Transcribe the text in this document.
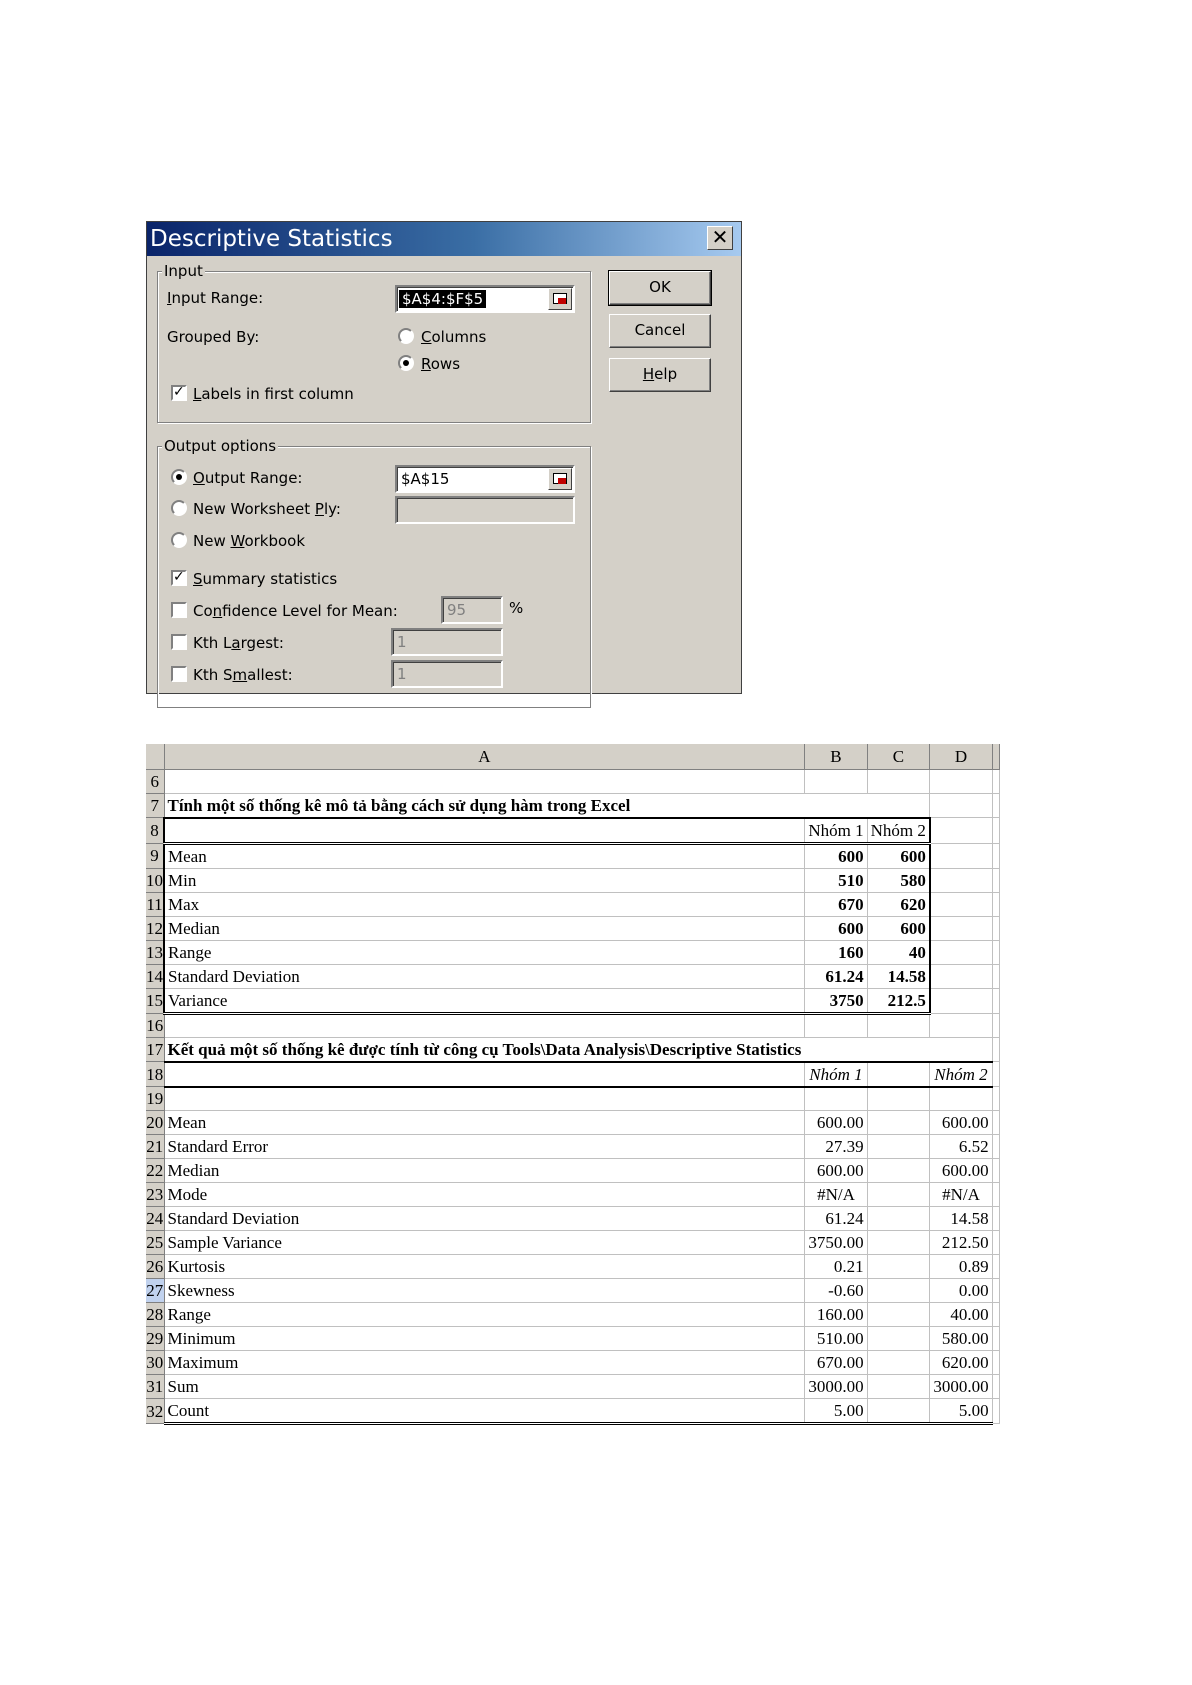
Descriptive Statistics	✕
Input
Input Range:	$A$4:$F$5
Grouped By:	Columns
Rows
✓
Labels in first column
Output options
Output Range:	$A$15
New Worksheet Ply:
New Workbook
✓
Summary statistics
Confidence Level for Mean:	95	%
Kth Largest:	1
Kth Smallest:	1
OK
Cancel
Help
	A	B	C	D	
6					
7	Tính một số thống kê mô tả bằng cách sử dụng hàm trong Excel				
8		Nhóm 1	Nhóm 2		
9	Mean	600	600		
10	Min	510	580		
11	Max	670	620		
12	Median	600	600		
13	Range	160	40		
14	Standard Deviation	61.24	14.58		
15	Variance	3750	212.5		
16					
17	Kết quả một số thống kê được tính từ công cụ Tools\Data Analysis\Descriptive Statistics				
18		Nhóm 1		Nhóm 2	
19					
20	Mean	600.00		600.00	
21	Standard Error	27.39		6.52	
22	Median	600.00		600.00	
23	Mode	#N/A		#N/A	
24	Standard Deviation	61.24		14.58	
25	Sample Variance	3750.00		212.50	
26	Kurtosis	0.21		0.89	
27	Skewness	-0.60		0.00	
28	Range	160.00		40.00	
29	Minimum	510.00		580.00	
30	Maximum	670.00		620.00	
31	Sum	3000.00		3000.00	
32	Count	5.00		5.00	
